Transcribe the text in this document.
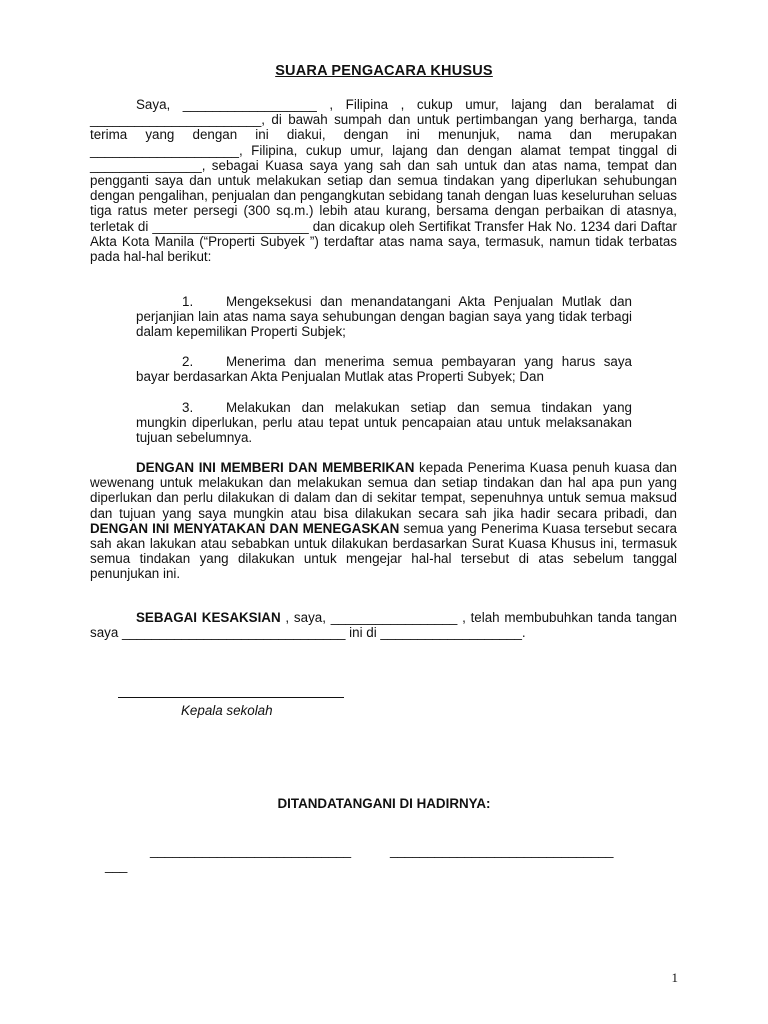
SUARA PENGACARA KHUSUS
Saya, __________________ , Filipina , cukup umur, lajang dan beralamat di _______________________, di bawah sumpah dan untuk pertimbangan yang berharga, tanda terima yang dengan ini diakui, dengan ini menunjuk, nama dan merupakan ____________________, Filipina, cukup umur, lajang dan dengan alamat tempat tinggal di _______________, sebagai Kuasa saya yang sah dan sah untuk dan atas nama, tempat dan pengganti saya dan untuk melakukan setiap dan semua tindakan yang diperlukan sehubungan dengan pengalihan, penjualan dan pengangkutan sebidang tanah dengan luas keseluruhan seluas tiga ratus meter persegi (300 sq.m.) lebih atau kurang, bersama dengan perbaikan di atasnya, terletak di _____________________ dan dicakup oleh Sertifikat Transfer Hak No. 1234 dari Daftar Akta Kota Manila (“Properti Subyek ”) terdaftar atas nama saya, termasuk, namun tidak terbatas pada hal-hal berikut:
1. Mengeksekusi dan menandatangani Akta Penjualan Mutlak dan perjanjian lain atas nama saya sehubungan dengan bagian saya yang tidak terbagi dalam kepemilikan Properti Subjek;
2. Menerima dan menerima semua pembayaran yang harus saya bayar berdasarkan Akta Penjualan Mutlak atas Properti Subyek; Dan
3. Melakukan dan melakukan setiap dan semua tindakan yang mungkin diperlukan, perlu atau tepat untuk pencapaian atau untuk melaksanakan tujuan sebelumnya.
DENGAN INI MEMBERI DAN MEMBERIKAN kepada Penerima Kuasa penuh kuasa dan wewenang untuk melakukan dan melakukan semua dan setiap tindakan dan hal apa pun yang diperlukan dan perlu dilakukan di dalam dan di sekitar tempat, sepenuhnya untuk semua maksud dan tujuan yang saya mungkin atau bisa dilakukan secara sah jika hadir secara pribadi, dan DENGAN INI MENYATAKAN DAN MENEGASKAN semua yang Penerima Kuasa tersebut secara sah akan lakukan atau sebabkan untuk dilakukan berdasarkan Surat Kuasa Khusus ini, termasuk semua tindakan yang dilakukan untuk mengejar hal-hal tersebut di atas sebelum tanggal penunjukan ini.
SEBAGAI KESAKSIAN , saya, _________________ , telah membubuhkan tanda tangan saya ______________________________ ini di ___________________.
Kepala sekolah
DITANDATANGANI DI HADIRNYA:
___________________________	______________________________
___
1
